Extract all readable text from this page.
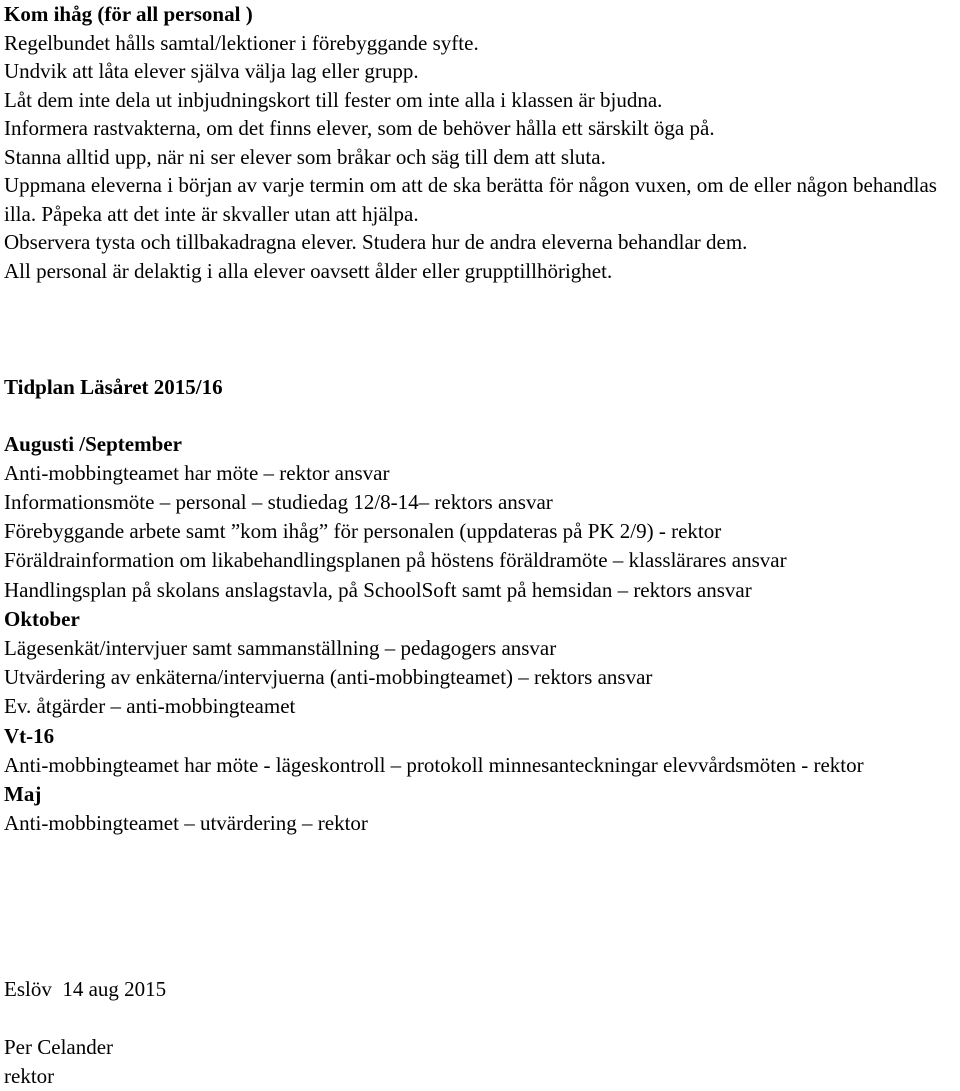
Kom ihåg (för all personal )
Regelbundet hålls samtal/lektioner i förebyggande syfte.
Undvik att låta elever själva välja lag eller grupp.
Låt dem inte dela ut inbjudningskort till fester om inte alla i klassen är bjudna.
Informera rastvakterna, om det finns elever, som de behöver hålla ett särskilt öga på.
Stanna alltid upp, när ni ser elever som bråkar och säg till dem att sluta.
Uppmana eleverna i början av varje termin om att de ska berätta för någon vuxen, om de eller någon behandlas illa. Påpeka att det inte är skvaller utan att hjälpa.
Observera tysta och tillbakadragna elever. Studera hur de andra eleverna behandlar dem.
All personal är delaktig i alla elever oavsett ålder eller grupptillhörighet.
Tidplan Läsåret 2015/16
Augusti /September
Anti-mobbingteamet har möte – rektor ansvar
Informationsmöte – personal – studiedag 12/8-14– rektors ansvar
Förebyggande arbete samt ”kom ihåg” för personalen (uppdateras på PK 2/9) - rektor
Föräldrainformation om likabehandlingsplanen på höstens föräldramöte – klasslärares ansvar
Handlingsplan på skolans anslagstavla, på SchoolSoft samt på hemsidan – rektors ansvar
Oktober
Lägesenkät/intervjuer samt sammanställning – pedagogers ansvar
Utvärdering av enkäterna/intervjuerna (anti-mobbingteamet) – rektors ansvar
Ev. åtgärder – anti-mobbingteamet
Vt-16
Anti-mobbingteamet har möte - lägeskontroll – protokoll minnesanteckningar elevvårdsmöten - rektor
Maj
Anti-mobbingteamet – utvärdering – rektor
Eslöv  14 aug 2015
Per Celander
rektor
